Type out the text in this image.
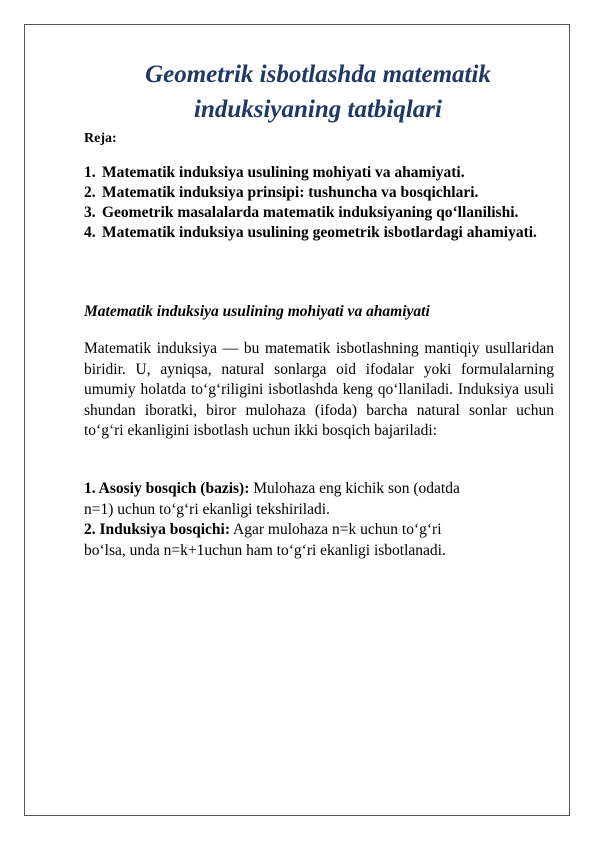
Geometrik isbotlashda matematik
induksiyaning tatbiqlari

Reja:

1. Matematik induksiya usulining mohiyati va ahamiyati.
2. Matematik induksiya prinsipi: tushuncha va bosqichlari.
3. Geometrik masalalarda matematik induksiyaning qo‘llanilishi.
4. Matematik induksiya usulining geometrik isbotlardagi ahamiyati.
Matematik induksiya usulining mohiyati va ahamiyati

Matematik induksiya — bu matematik isbotlashning mantiqiy usullaridan biridir. U, ayniqsa, natural sonlarga oid ifodalar yoki formulalarning umumiy holatda to‘g‘riligini isbotlashda keng qo‘llaniladi. Induksiya usuli shundan iboratki, biror mulohaza (ifoda) barcha natural sonlar uchun to‘g‘ri ekanligini isbotlash uchun ikki bosqich bajariladi:

1. Asosiy bosqich (bazis): Mulohaza eng kichik son (odatda
n=1) uchun to‘g‘ri ekanligi tekshiriladi.
2. Induksiya bosqichi: Agar mulohaza n=k uchun to‘g‘ri
bo‘lsa, unda n=k+1uchun ham to‘g‘ri ekanligi isbotlanadi.
